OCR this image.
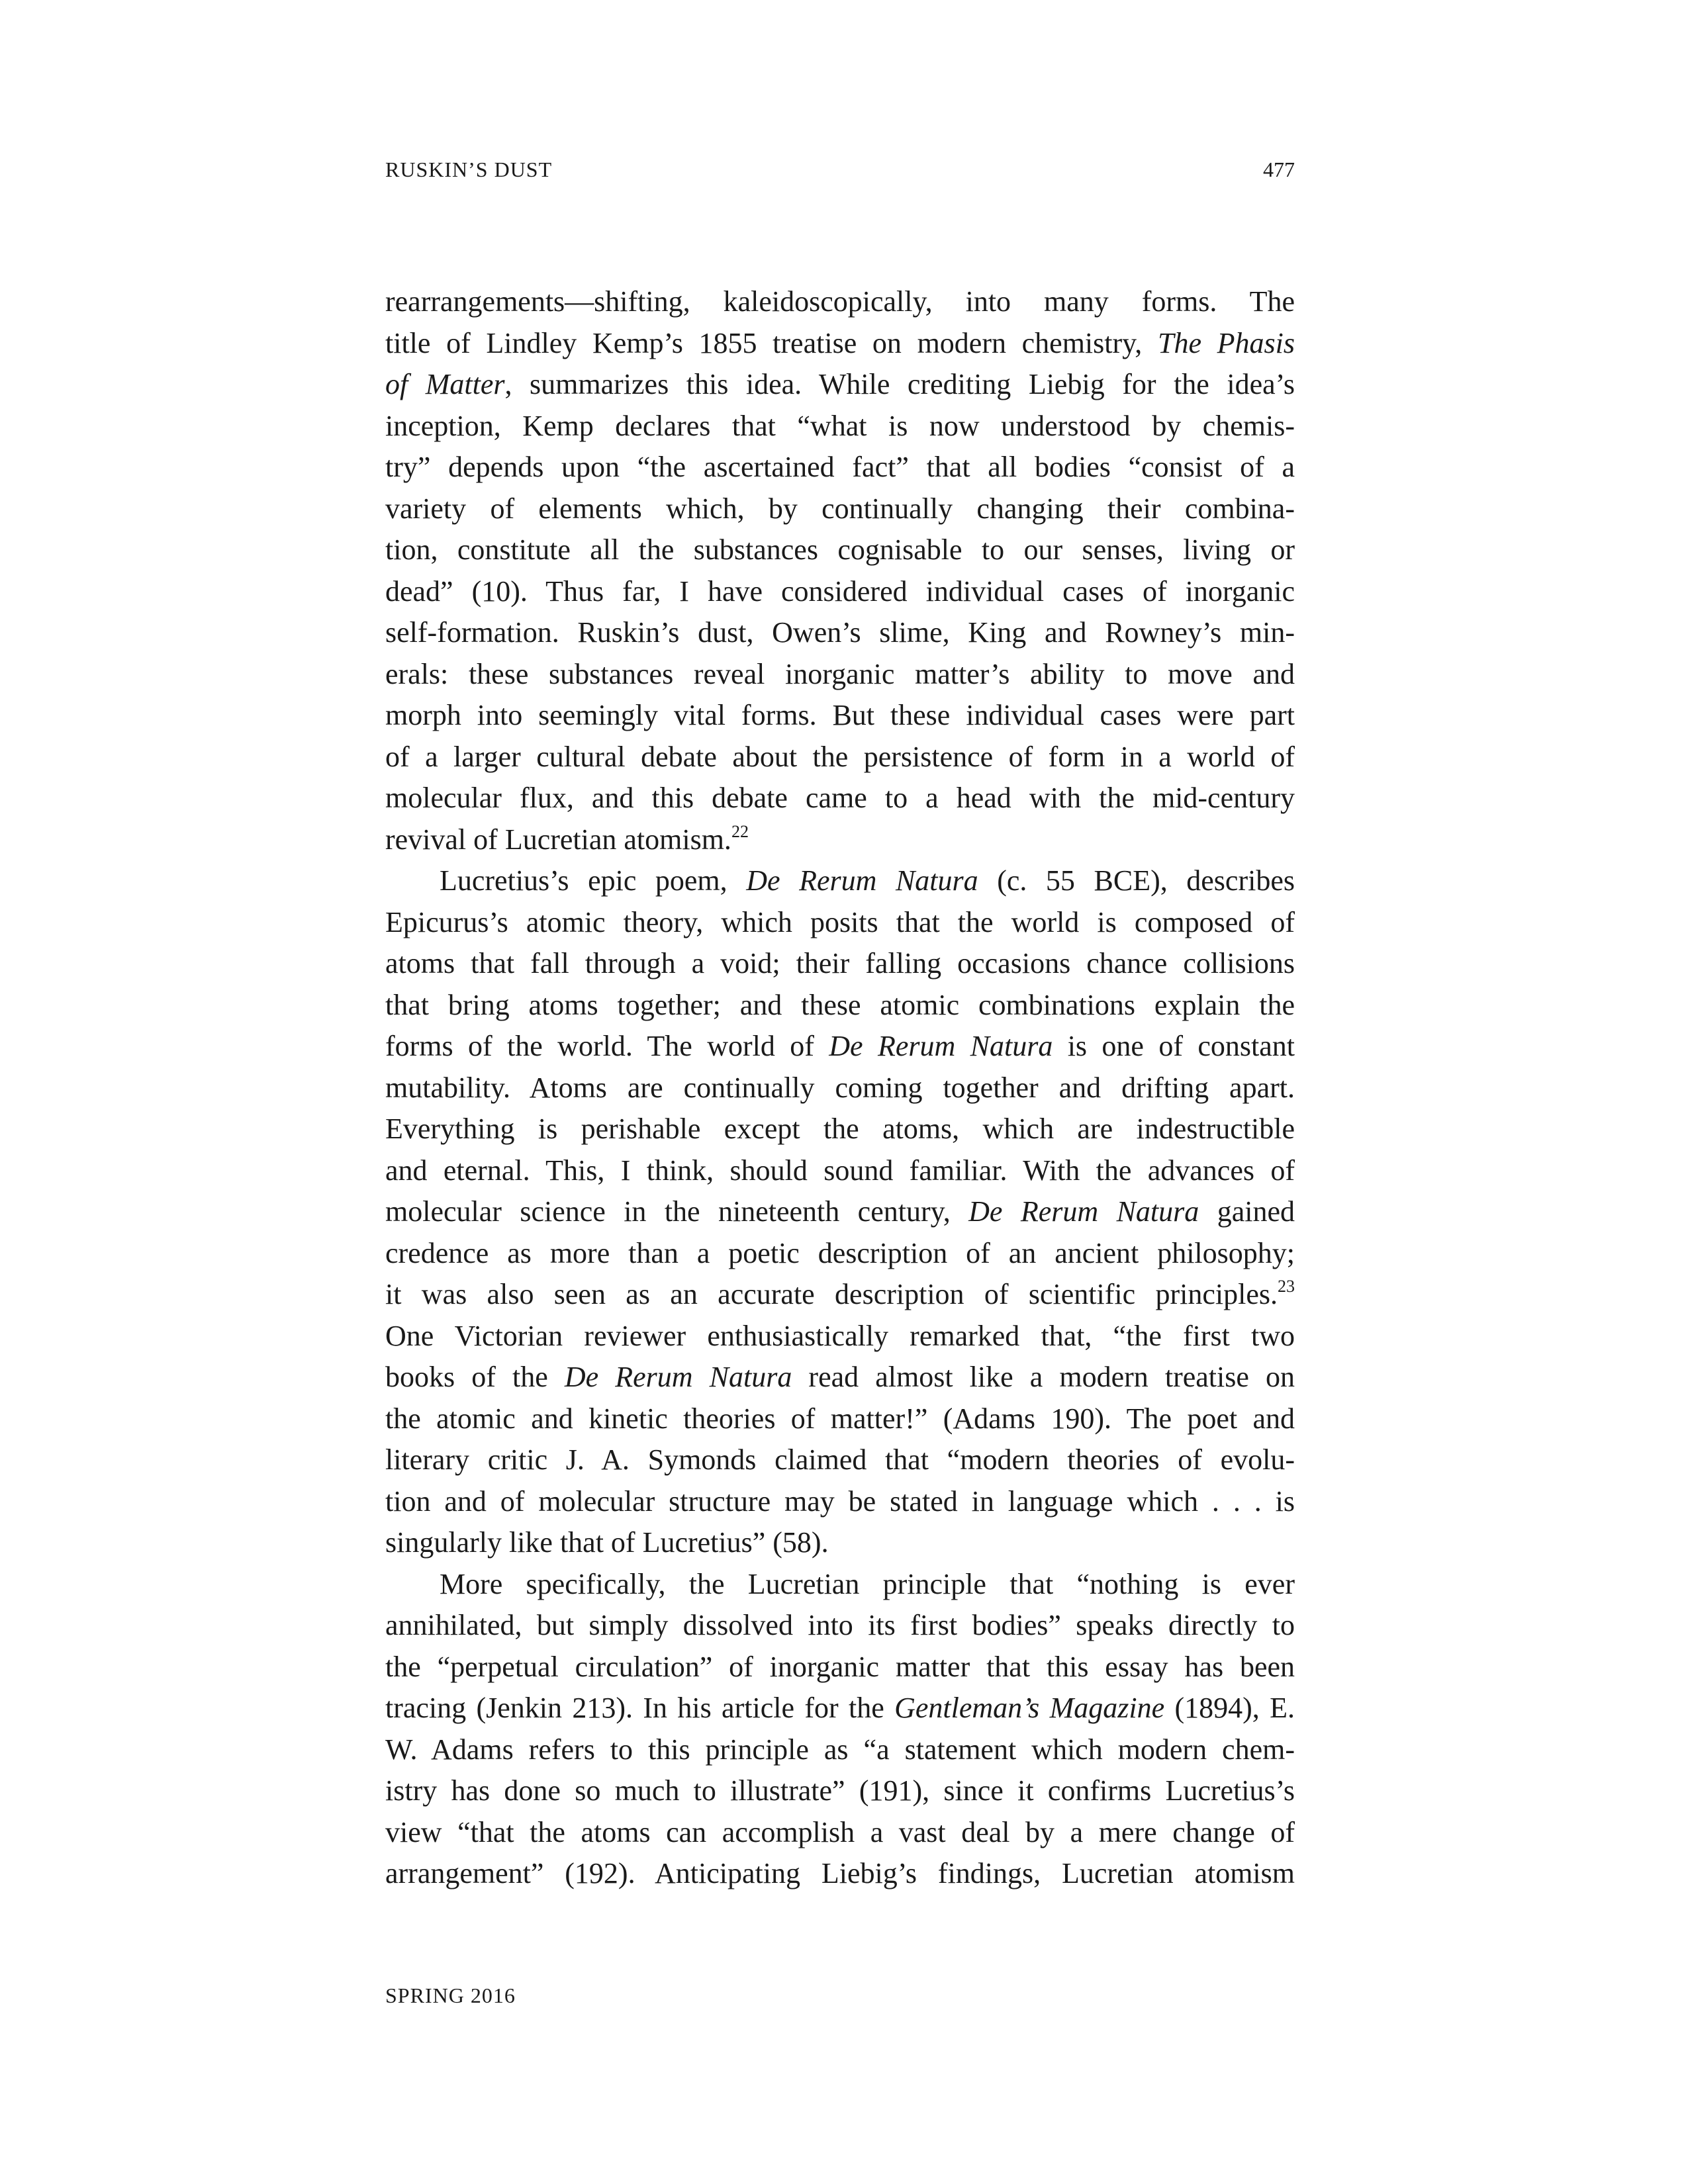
RUSKIN’S DUST	477
rearrangements—shifting, kaleidoscopically, into many forms. The
title of Lindley Kemp’s 1855 treatise on modern chemistry, The Phasis
of Matter, summarizes this idea. While crediting Liebig for the idea’s
inception, Kemp declares that “what is now understood by chemis-
try” depends upon “the ascertained fact” that all bodies “consist of a
variety of elements which, by continually changing their combina-
tion, constitute all the substances cognisable to our senses, living or
dead” (10). Thus far, I have considered individual cases of inorganic
self-formation. Ruskin’s dust, Owen’s slime, King and Rowney’s min-
erals: these substances reveal inorganic matter’s ability to move and
morph into seemingly vital forms. But these individual cases were part
of a larger cultural debate about the persistence of form in a world of
molecular flux, and this debate came to a head with the mid-century
revival of Lucretian atomism.$^{22}$
Lucretius’s epic poem, De Rerum Natura (c. 55 BCE), describes
Epicurus’s atomic theory, which posits that the world is composed of
atoms that fall through a void; their falling occasions chance collisions
that bring atoms together; and these atomic combinations explain the
forms of the world. The world of De Rerum Natura is one of constant
mutability. Atoms are continually coming together and drifting apart.
Everything is perishable except the atoms, which are indestructible
and eternal. This, I think, should sound familiar. With the advances of
molecular science in the nineteenth century, De Rerum Natura gained
credence as more than a poetic description of an ancient philosophy;
it was also seen as an accurate description of scientific principles.$^{23}$
One Victorian reviewer enthusiastically remarked that, “the first two
books of the De Rerum Natura read almost like a modern treatise on
the atomic and kinetic theories of matter!” (Adams 190). The poet and
literary critic J. A. Symonds claimed that “modern theories of evolu-
tion and of molecular structure may be stated in language which . . . is
singularly like that of Lucretius” (58).
More specifically, the Lucretian principle that “nothing is ever
annihilated, but simply dissolved into its first bodies” speaks directly to
the “perpetual circulation” of inorganic matter that this essay has been
tracing (Jenkin 213). In his article for the Gentleman’s Magazine (1894), E.
W. Adams refers to this principle as “a statement which modern chem-
istry has done so much to illustrate” (191), since it confirms Lucretius’s
view “that the atoms can accomplish a vast deal by a mere change of
arrangement” (192). Anticipating Liebig’s findings, Lucretian atomism
SPRING 2016
